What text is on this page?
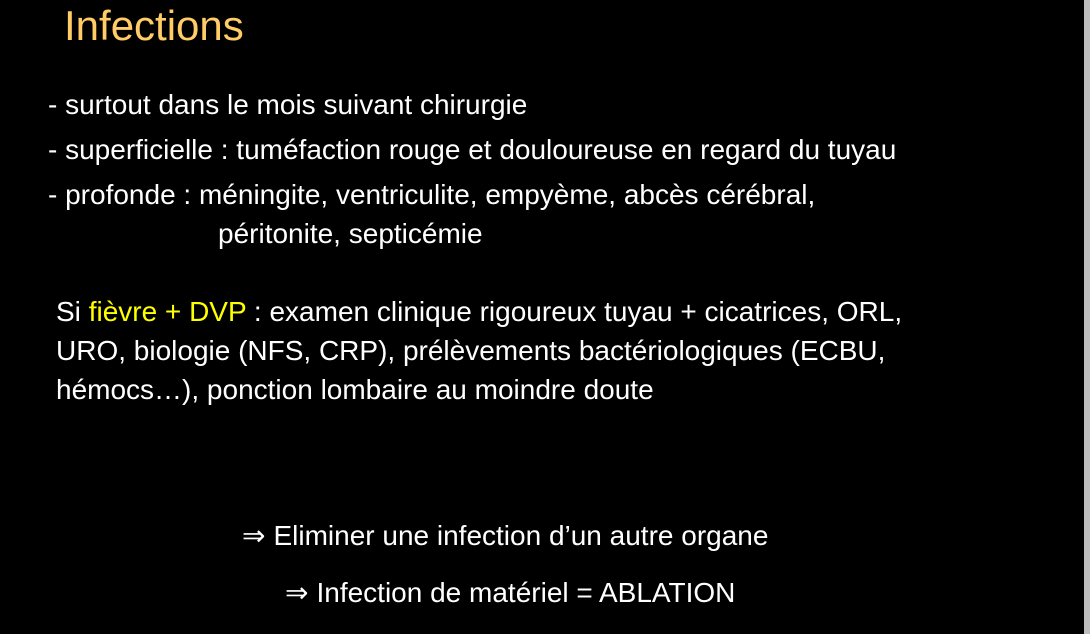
Infections
- surtout dans le mois suivant chirurgie
- superficielle : tuméfaction rouge et douloureuse en regard du tuyau
- profonde : méningite, ventriculite, empyème, abcès cérébral,
péritonite, septicémie
Si fièvre + DVP : examen clinique rigoureux tuyau + cicatrices, ORL,
URO, biologie (NFS, CRP), prélèvements bactériologiques (ECBU,
hémocs…), ponction lombaire au moindre doute
⇒ Eliminer une infection d’un autre organe
⇒ Infection de matériel = ABLATION
